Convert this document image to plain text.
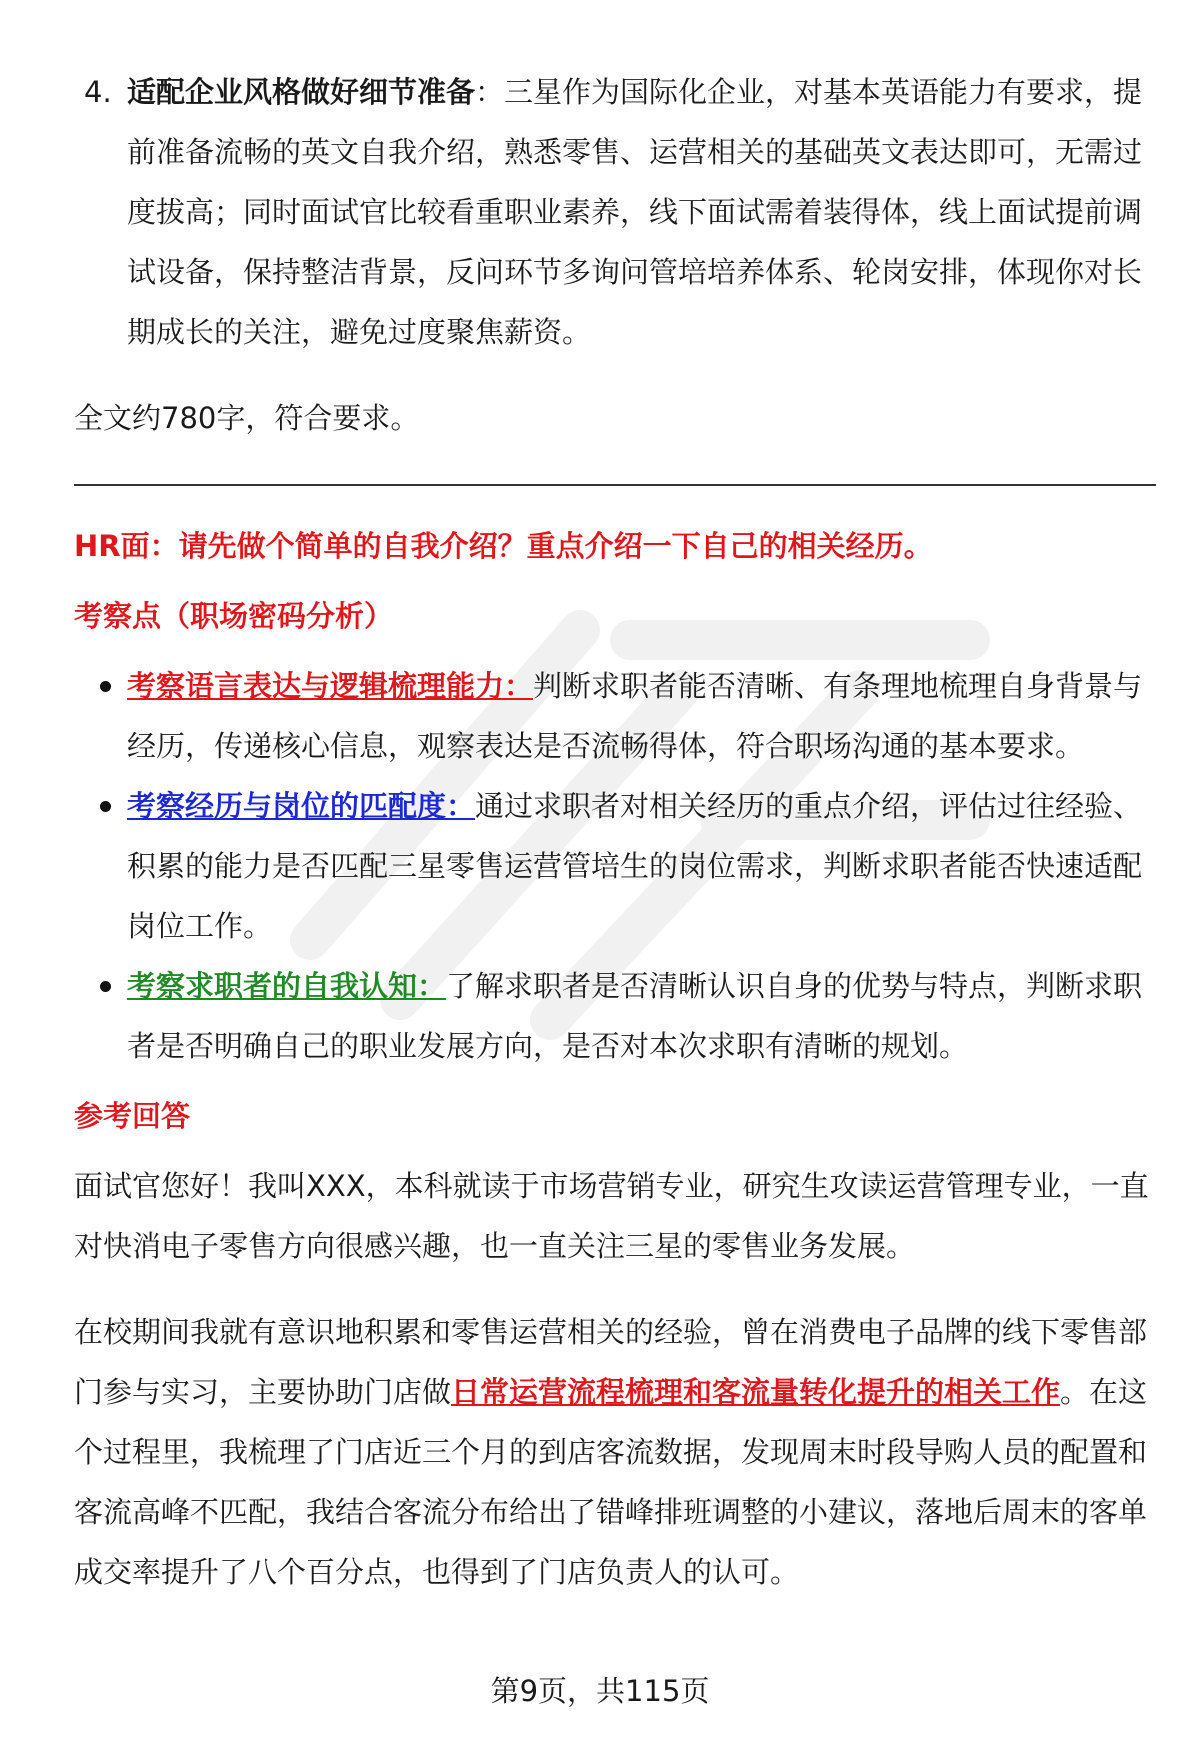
4. 适配企业风格做好细节准备：三星作为国际化企业，对基本英语能力有要求，提前准备流畅的英文自我介绍，熟悉零售、运营相关的基础英文表达即可，无需过度拔高；同时面试官比较看重职业素养，线下面试需着装得体，线上面试提前调试设备，保持整洁背景，反问环节多询问管培培养体系、轮岗安排，体现你对长期成长的关注，避免过度聚焦薪资。

全文约780字，符合要求。

HR面：请先做个简单的自我介绍？重点介绍一下自己的相关经历。

考察点（职场密码分析）

考察语言表达与逻辑梳理能力：判断求职者能否清晰、有条理地梳理自身背景与经历，传递核心信息，观察表达是否流畅得体，符合职场沟通的基本要求。
考察经历与岗位的匹配度：通过求职者对相关经历的重点介绍，评估过往经验、积累的能力是否匹配三星零售运营管培生的岗位需求，判断求职者能否快速适配岗位工作。
考察求职者的自我认知：了解求职者是否清晰认识自身的优势与特点，判断求职者是否明确自己的职业发展方向，是否对本次求职有清晰的规划。

参考回答

面试官您好！我叫XXX，本科就读于市场营销专业，研究生攻读运营管理专业，一直对快消电子零售方向很感兴趣，也一直关注三星的零售业务发展。

在校期间我就有意识地积累和零售运营相关的经验，曾在消费电子品牌的线下零售部门参与实习，主要协助门店做日常运营流程梳理和客流量转化提升的相关工作。在这个过程里，我梳理了门店近三个月的到店客流数据，发现周末时段导购人员的配置和客流高峰不匹配，我结合客流分布给出了错峰排班调整的小建议，落地后周末的客单成交率提升了八个百分点，也得到了门店负责人的认可。

第9页，共115页
